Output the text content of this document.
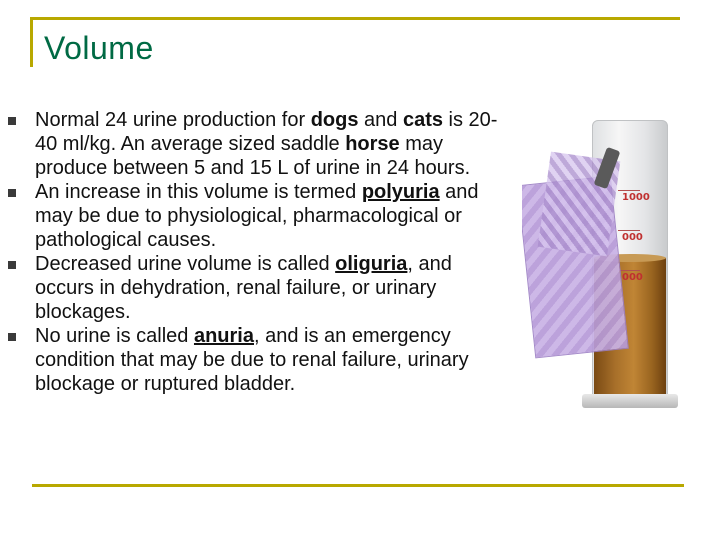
Volume
Normal 24 urine production for dogs and cats is 20-40 ml/kg. An average sized saddle horse may produce between 5 and 15 L of urine in 24 hours.
An increase in this volume is termed polyuria and may be due to physiological, pharmacological or pathological causes.
Decreased urine volume is called oliguria, and occurs in dehydration, renal failure, or urinary blockages.
No urine is called anuria, and is an emergency condition that may be due to renal failure, urinary blockage or ruptured bladder.
1000
000
000
